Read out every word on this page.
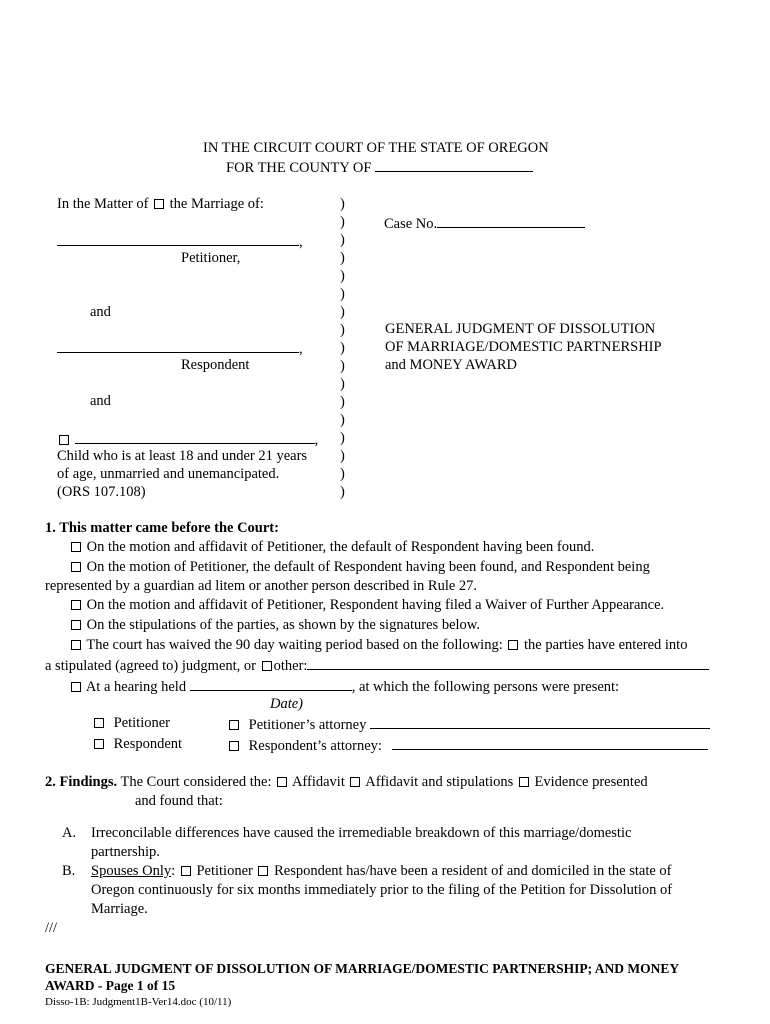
IN THE CIRCUIT COURT OF THE STATE OF OREGON
FOR THE COUNTY OF
In the Matter of the Marriage of:
,
Petitioner,
and
,
Respondent
and
,
Child who is at least 18 and under 21 years
of age, unmarried and unemancipated.
(ORS 107.108)
)
)
)
)
)
)
)
)
)
)
)
)
)
)
)
)
)
Case No.
GENERAL JUDGMENT OF DISSOLUTION
OF MARRIAGE/DOMESTIC PARTNERSHIP
and MONEY AWARD
1. This matter came before the Court:
On the motion and affidavit of Petitioner, the default of Respondent having been found.
On the motion of Petitioner, the default of Respondent having been found, and Respondent being
represented by a guardian ad litem or another person described in Rule 27.
On the motion and affidavit of Petitioner, Respondent having filed a Waiver of Further Appearance.
On the stipulations of the parties, as shown by the signatures below.
The court has waived the 90 day waiting period based on the following: the parties have entered into
a stipulated (agreed to) judgment, or other:
At a hearing held	, at which the following persons were present:
Date)
Petitioner	Petitioner’s attorney
Respondent	Respondent’s attorney:
2. Findings. The Court considered the: Affidavit Affidavit and stipulations Evidence presented
and found that:
A. Irreconcilable differences have caused the irremediable breakdown of this marriage/domestic
partnership.
B. Spouses Only: Petitioner Respondent has/have been a resident of and domiciled in the state of
Oregon continuously for six months immediately prior to the filing of the Petition for Dissolution of
Marriage.
///
GENERAL JUDGMENT OF DISSOLUTION OF MARRIAGE/DOMESTIC PARTNERSHIP; AND MONEY
AWARD - Page 1 of 15
Disso-1B: Judgment1B-Ver14.doc (10/11)
